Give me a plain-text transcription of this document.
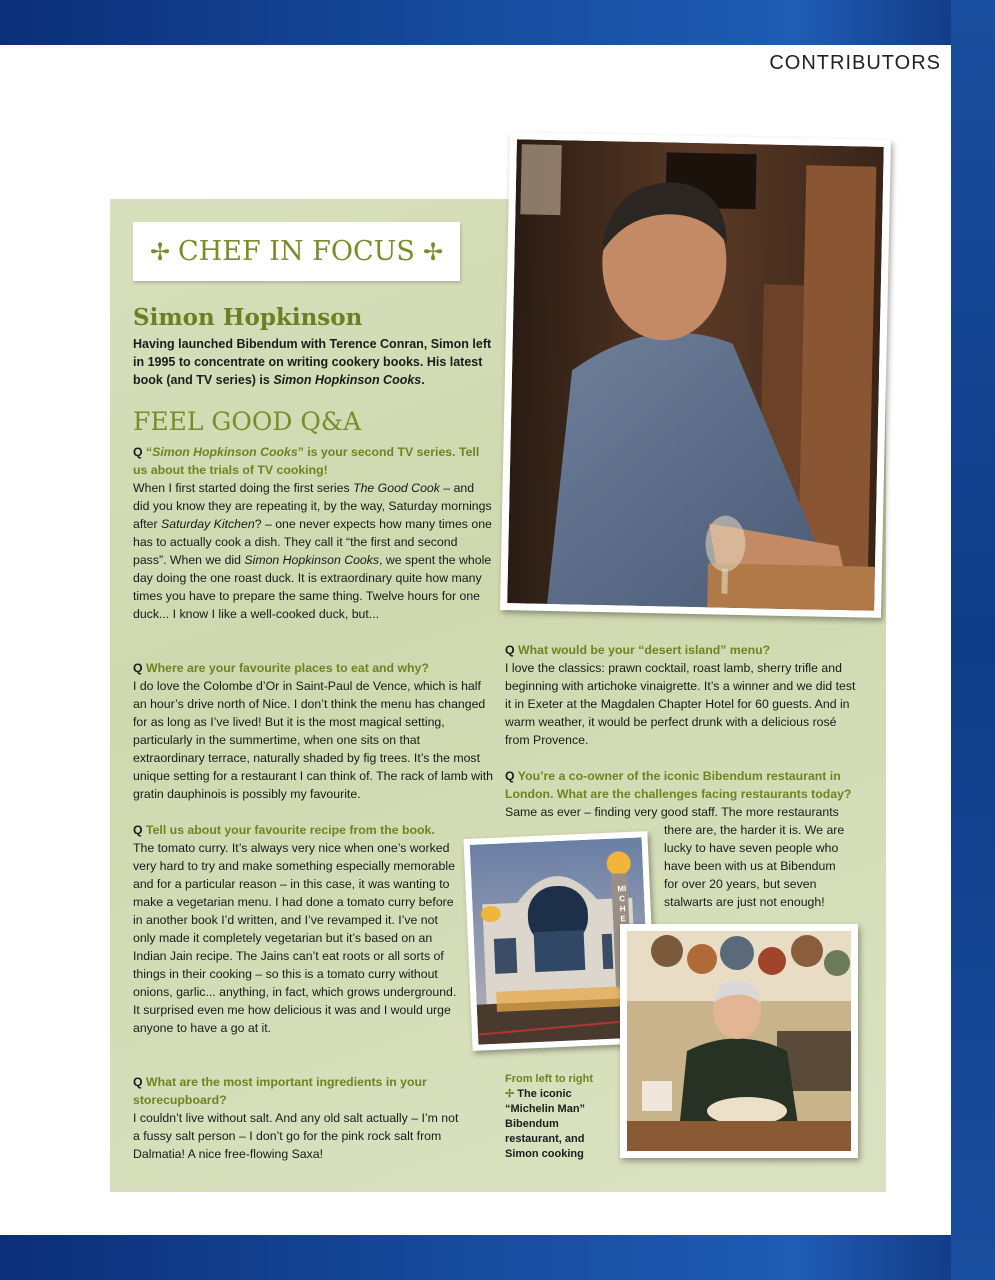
CONTRIBUTORS
✢ CHEF IN FOCUS ✢
Simon Hopkinson

Having launched Bibendum with Terence Conran, Simon left in 1995 to concentrate on writing cookery books. His latest book (and TV series) is Simon Hopkinson Cooks.

FEEL GOOD Q&A

Q “Simon Hopkinson Cooks” is your second TV series. Tell us about the trials of TV cooking!
When I first started doing the first series The Good Cook – and did you know they are repeating it, by the way, Saturday mornings after Saturday Kitchen? – one never expects how many times one has to actually cook a dish. They call it “the first and second pass”. When we did Simon Hopkinson Cooks, we spent the whole day doing the one roast duck. It is extraordinary quite how many times you have to prepare the same thing. Twelve hours for one duck... I know I like a well-cooked duck, but...

Q Where are your favourite places to eat and why?
I do love the Colombe d’Or in Saint-Paul de Vence, which is half an hour’s drive north of Nice. I don’t think the menu has changed for as long as I’ve lived! But it is the most magical setting, particularly in the summertime, when one sits on that extraordinary terrace, naturally shaded by fig trees. It’s the most unique setting for a restaurant I can think of. The rack of lamb with gratin dauphinois is possibly my favourite.

Q Tell us about your favourite recipe from the book.
The tomato curry. It’s always very nice when one’s worked very hard to try and make something especially memorable and for a particular reason – in this case, it was wanting to make a vegetarian menu. I had done a tomato curry before in another book I’d written, and I’ve revamped it. I’ve not only made it completely vegetarian but it’s based on an Indian Jain recipe. The Jains can’t eat roots or all sorts of things in their cooking – so this is a tomato curry without onions, garlic... anything, in fact, which grows underground. It surprised even me how delicious it was and I would urge anyone to have a go at it.

Q What are the most important ingredients in your storecupboard?
I couldn’t live without salt. And any old salt actually – I’m not a fussy salt person – I don’t go for the pink rock salt from Dalmatia! A nice free-flowing Saxa!

Q What would be your “desert island” menu?
I love the classics: prawn cocktail, roast lamb, sherry trifle and beginning with artichoke vinaigrette. It’s a winner and we did test it in Exeter at the Magdalen Chapter Hotel for 60 guests. And in warm weather, it would be perfect drunk with a delicious rosé from Provence.

Q You’re a co-owner of the iconic Bibendum restaurant in London. What are the challenges facing restaurants today?
Same as ever – finding very good staff. The more restaurants

there are, the harder it is. We are
lucky to have seven people who
have been with us at Bibendum
for over 20 years, but seven
stalwarts are just not enough!
MICHELIN
From left to right
✢ The iconic “Michelin Man” Bibendum restaurant, and Simon cooking
